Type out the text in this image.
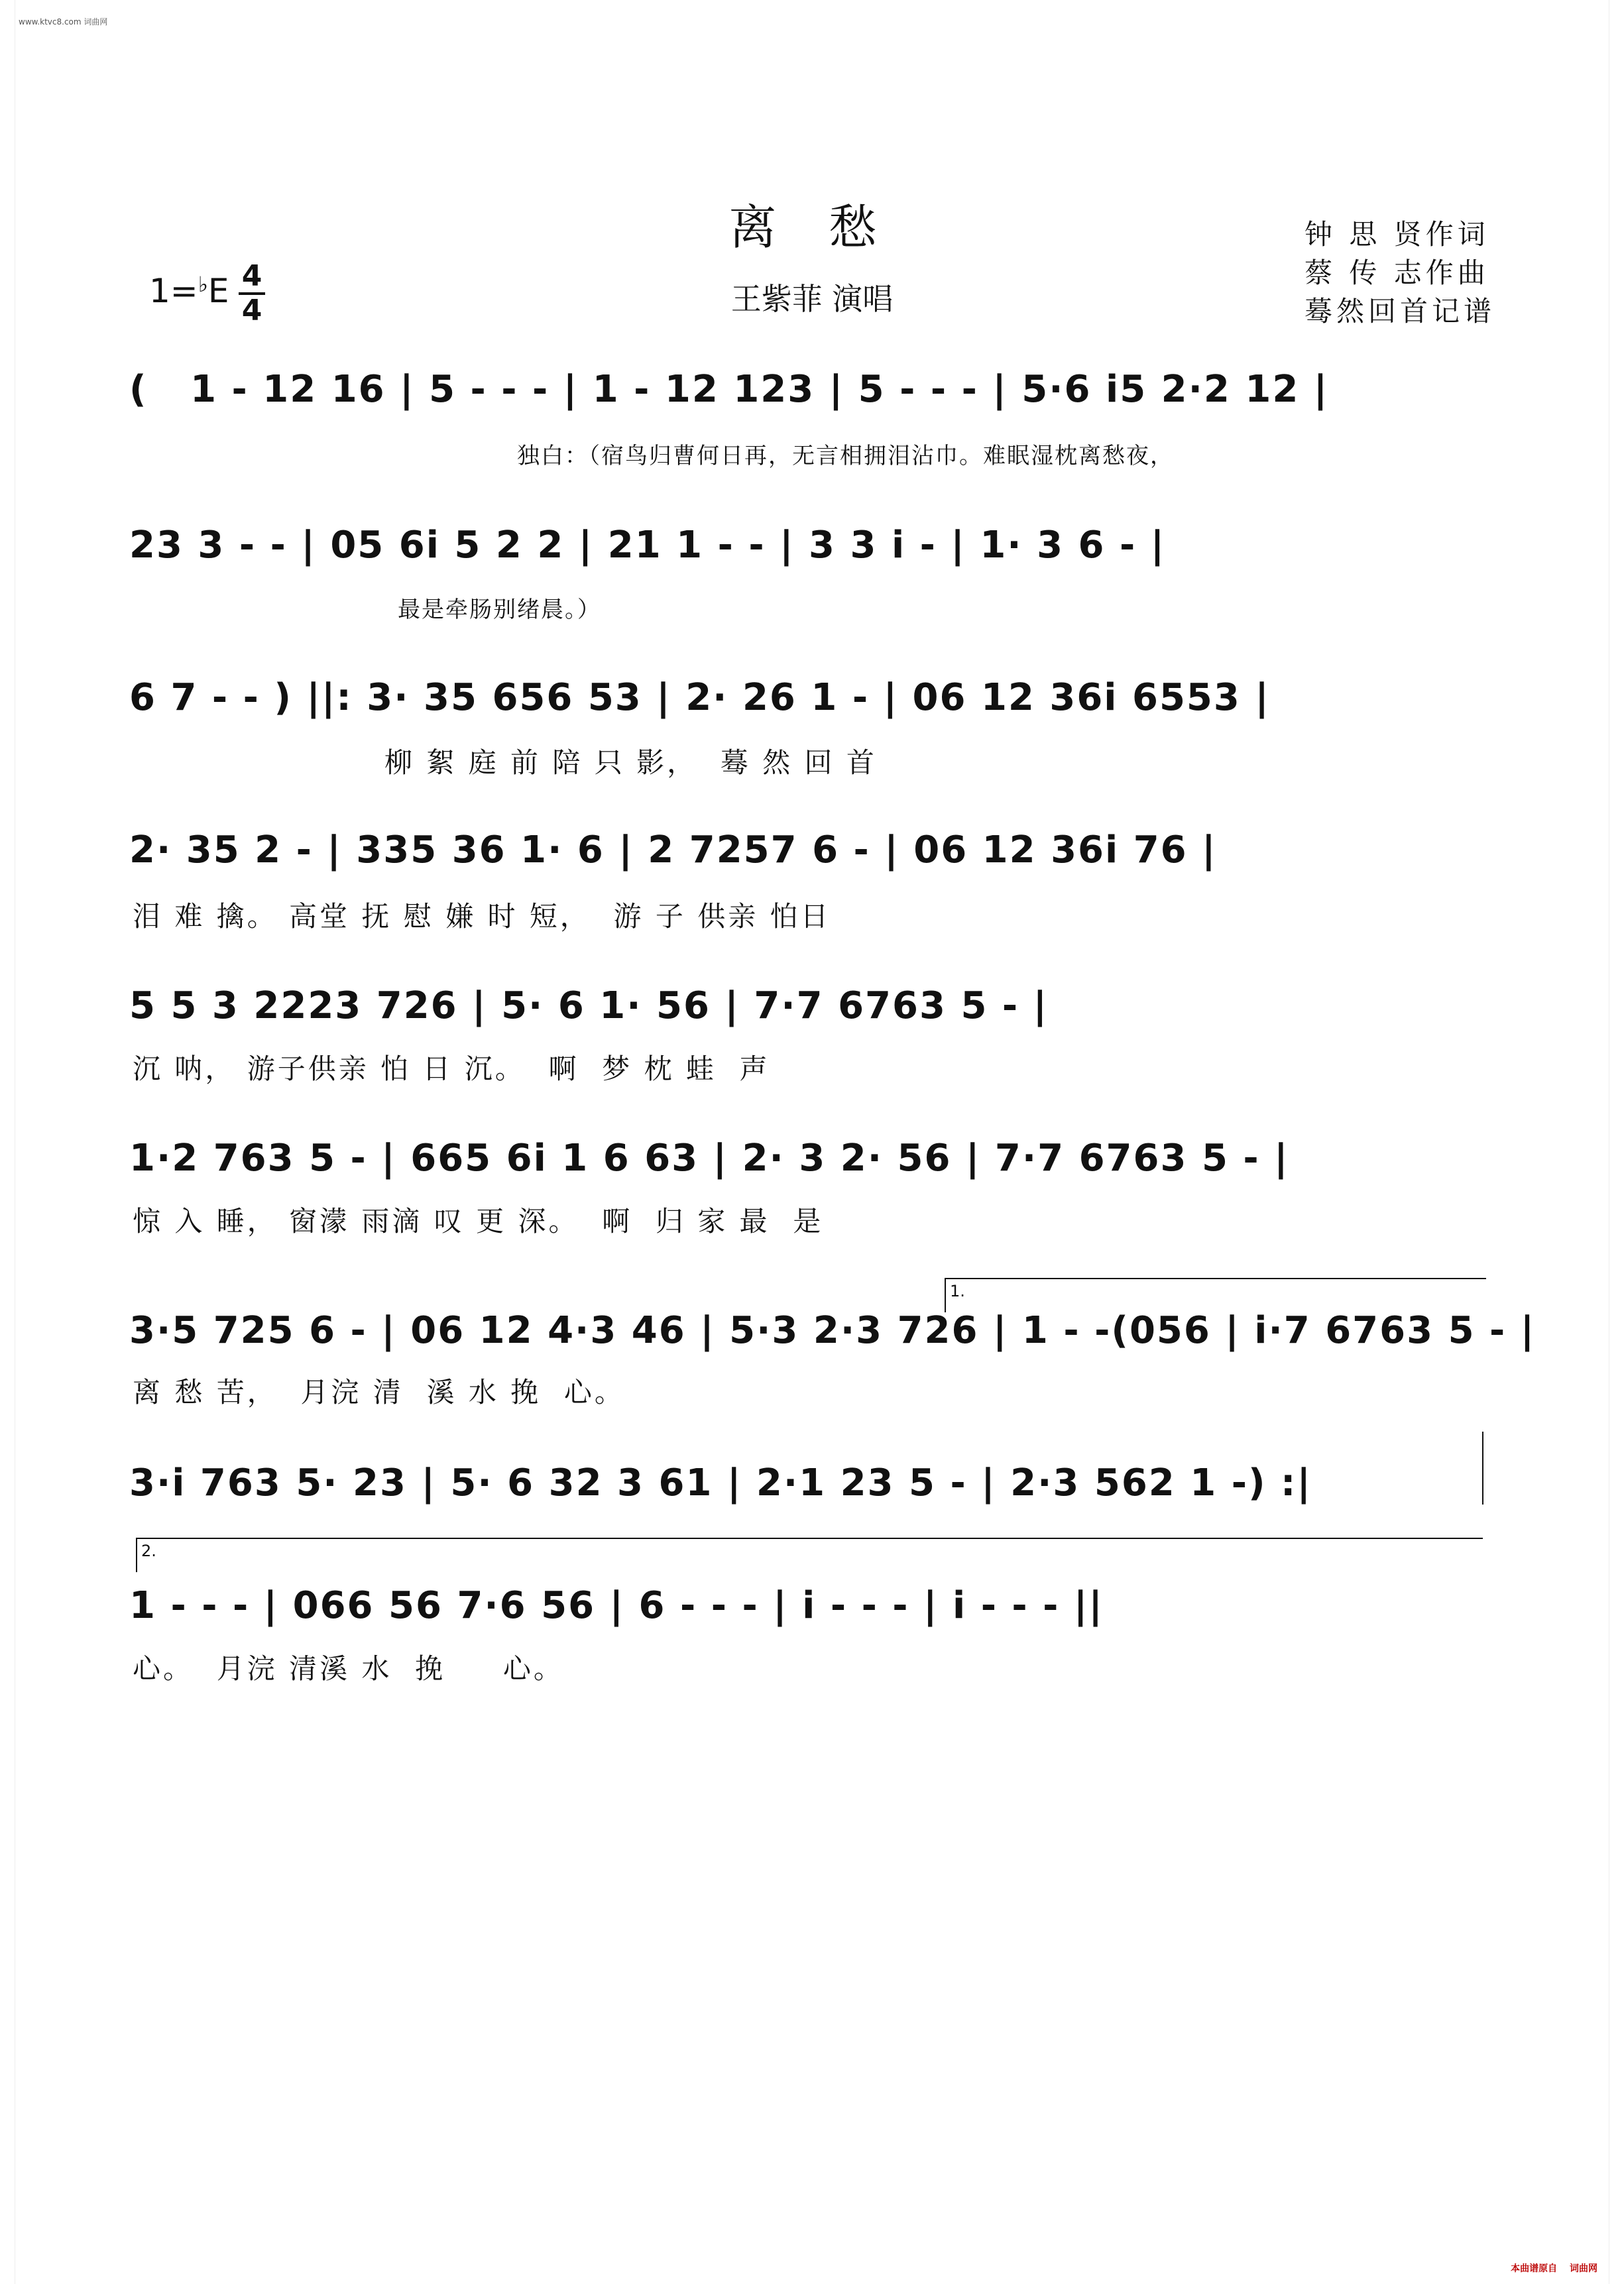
www.ktvc8.com 词曲网
离 愁
王紫菲 演唱
1=♭E 4
4
钟 思 贤作词
蔡 传 志作曲
蓦然回首记谱
(   1 - 12 16 | 5 - - - | 1 - 12 123 | 5 - - - | 5·6 i5 2·2 12 |
独白：（宿鸟归曹何日再，无言相拥泪沾巾。难眠湿枕离愁夜，
23 3 - - | 05 6i 5 2 2 | 21 1 - - | 3 3 i - | 1· 3 6 - |
最是牵肠别绪晨。）
6 7 - - ) ||: 3· 35 656 53 | 2· 26 1 - | 06 12 36i 6553 |
柳 絮 庭 前 陪 只 影，  蓦 然 回 首
2· 35 2 - | 335 36 1· 6 | 2 7257 6 - | 06 12 36i 76 |
泪 难 擒。 高堂 抚 慰 嫌 时 短，  游 子 供亲 怕日
5 5 3 2223 726 | 5· 6 1· 56 | 7·7 6763 5 - |
沉 呐， 游子供亲 怕 日 沉。  啊  梦 枕 蛙  声
1·2 763 5 - | 665 6i 1 6 63 | 2· 3 2· 56 | 7·7 6763 5 - |
惊 入 睡， 窗濛 雨滴 叹 更 深。  啊  归 家 最  是
1.
3·5 725 6 - | 06 12 4·3 46 | 5·3 2·3 726 | 1 - -(056 | i·7 6763 5 - |
离 愁 苦，  月浣 清  溪 水 挽  心。
3·i 763 5· 23 | 5· 6 32 3 61 | 2·1 23 5 - | 2·3 562 1 -) :|
2.
1 - - - | 066 56 7·6 56 | 6 - - - | i - - - | i - - - ||
心。  月浣 清溪 水  挽     心。
本曲谱原自 词曲网
